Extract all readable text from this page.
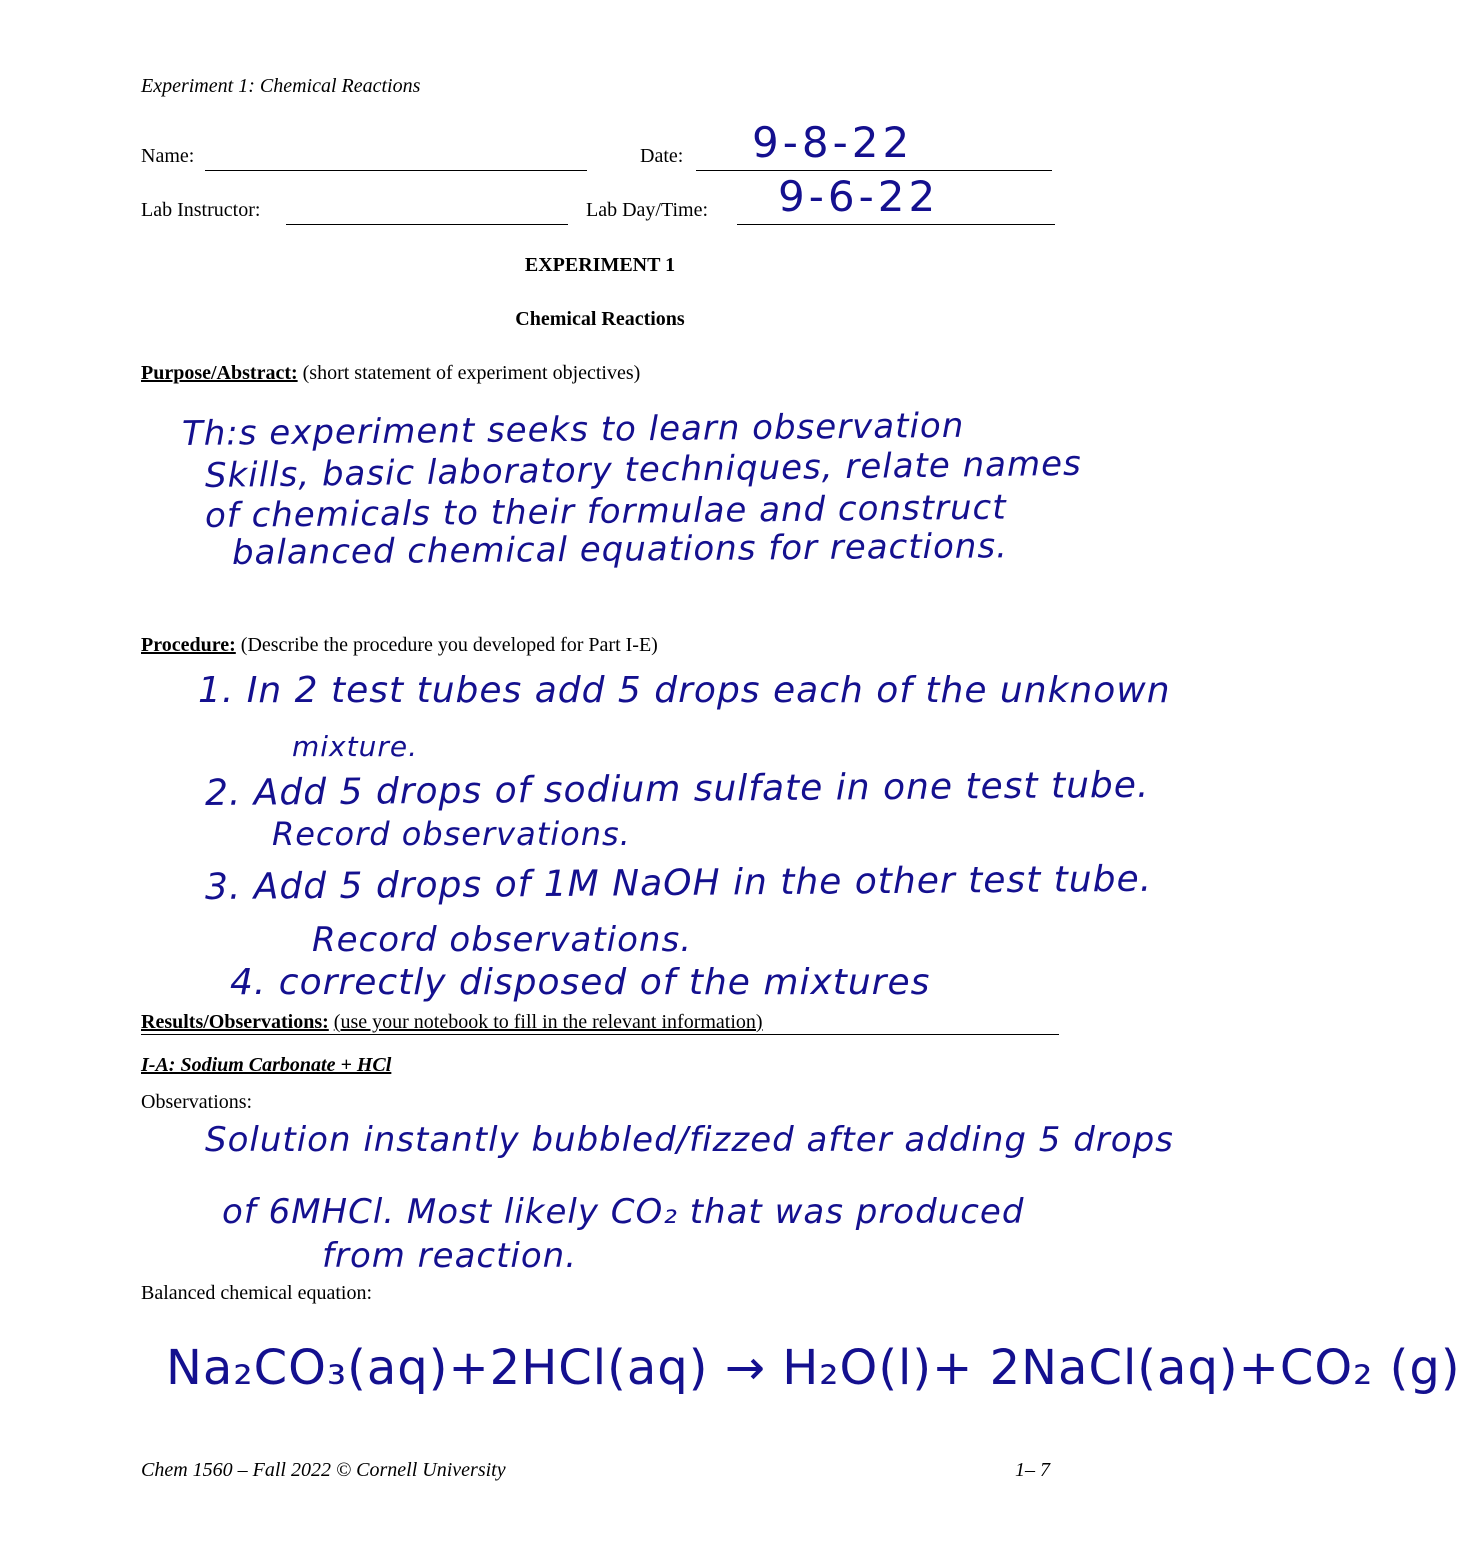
Experiment 1: Chemical Reactions
Name:	Date: 9-8-22
Lab Instructor:	Lab Day/Time: 9-6-22
EXPERIMENT 1
Chemical Reactions
Purpose/Abstract: (short statement of experiment objectives)
Th:s experiment seeks to learn observation
Skills, basic laboratory techniques, relate names
of chemicals to their formulae and construct
balanced chemical equations for reactions.
Procedure: (Describe the procedure you developed for Part I-E)
1. In 2 test tubes add 5 drops each of the unknown
mixture.
2. Add 5 drops of sodium sulfate in one test tube.
Record observations.
3. Add 5 drops of 1M NaOH in the other test tube.
Record observations.
4. correctly disposed of the mixtures
Results/Observations: (use your notebook to fill in the relevant information)
I-A: Sodium Carbonate + HCl
Observations:
Solution instantly bubbled/fizzed after adding 5 drops
of 6MHCl. Most likely CO₂ that was produced
from reaction.
Balanced chemical equation:
Na₂CO₃(aq)+2HCl(aq) → H₂O(l)+ 2NaCl(aq)+CO₂ (g)
Chem 1560 – Fall 2022 © Cornell University	1– 7
